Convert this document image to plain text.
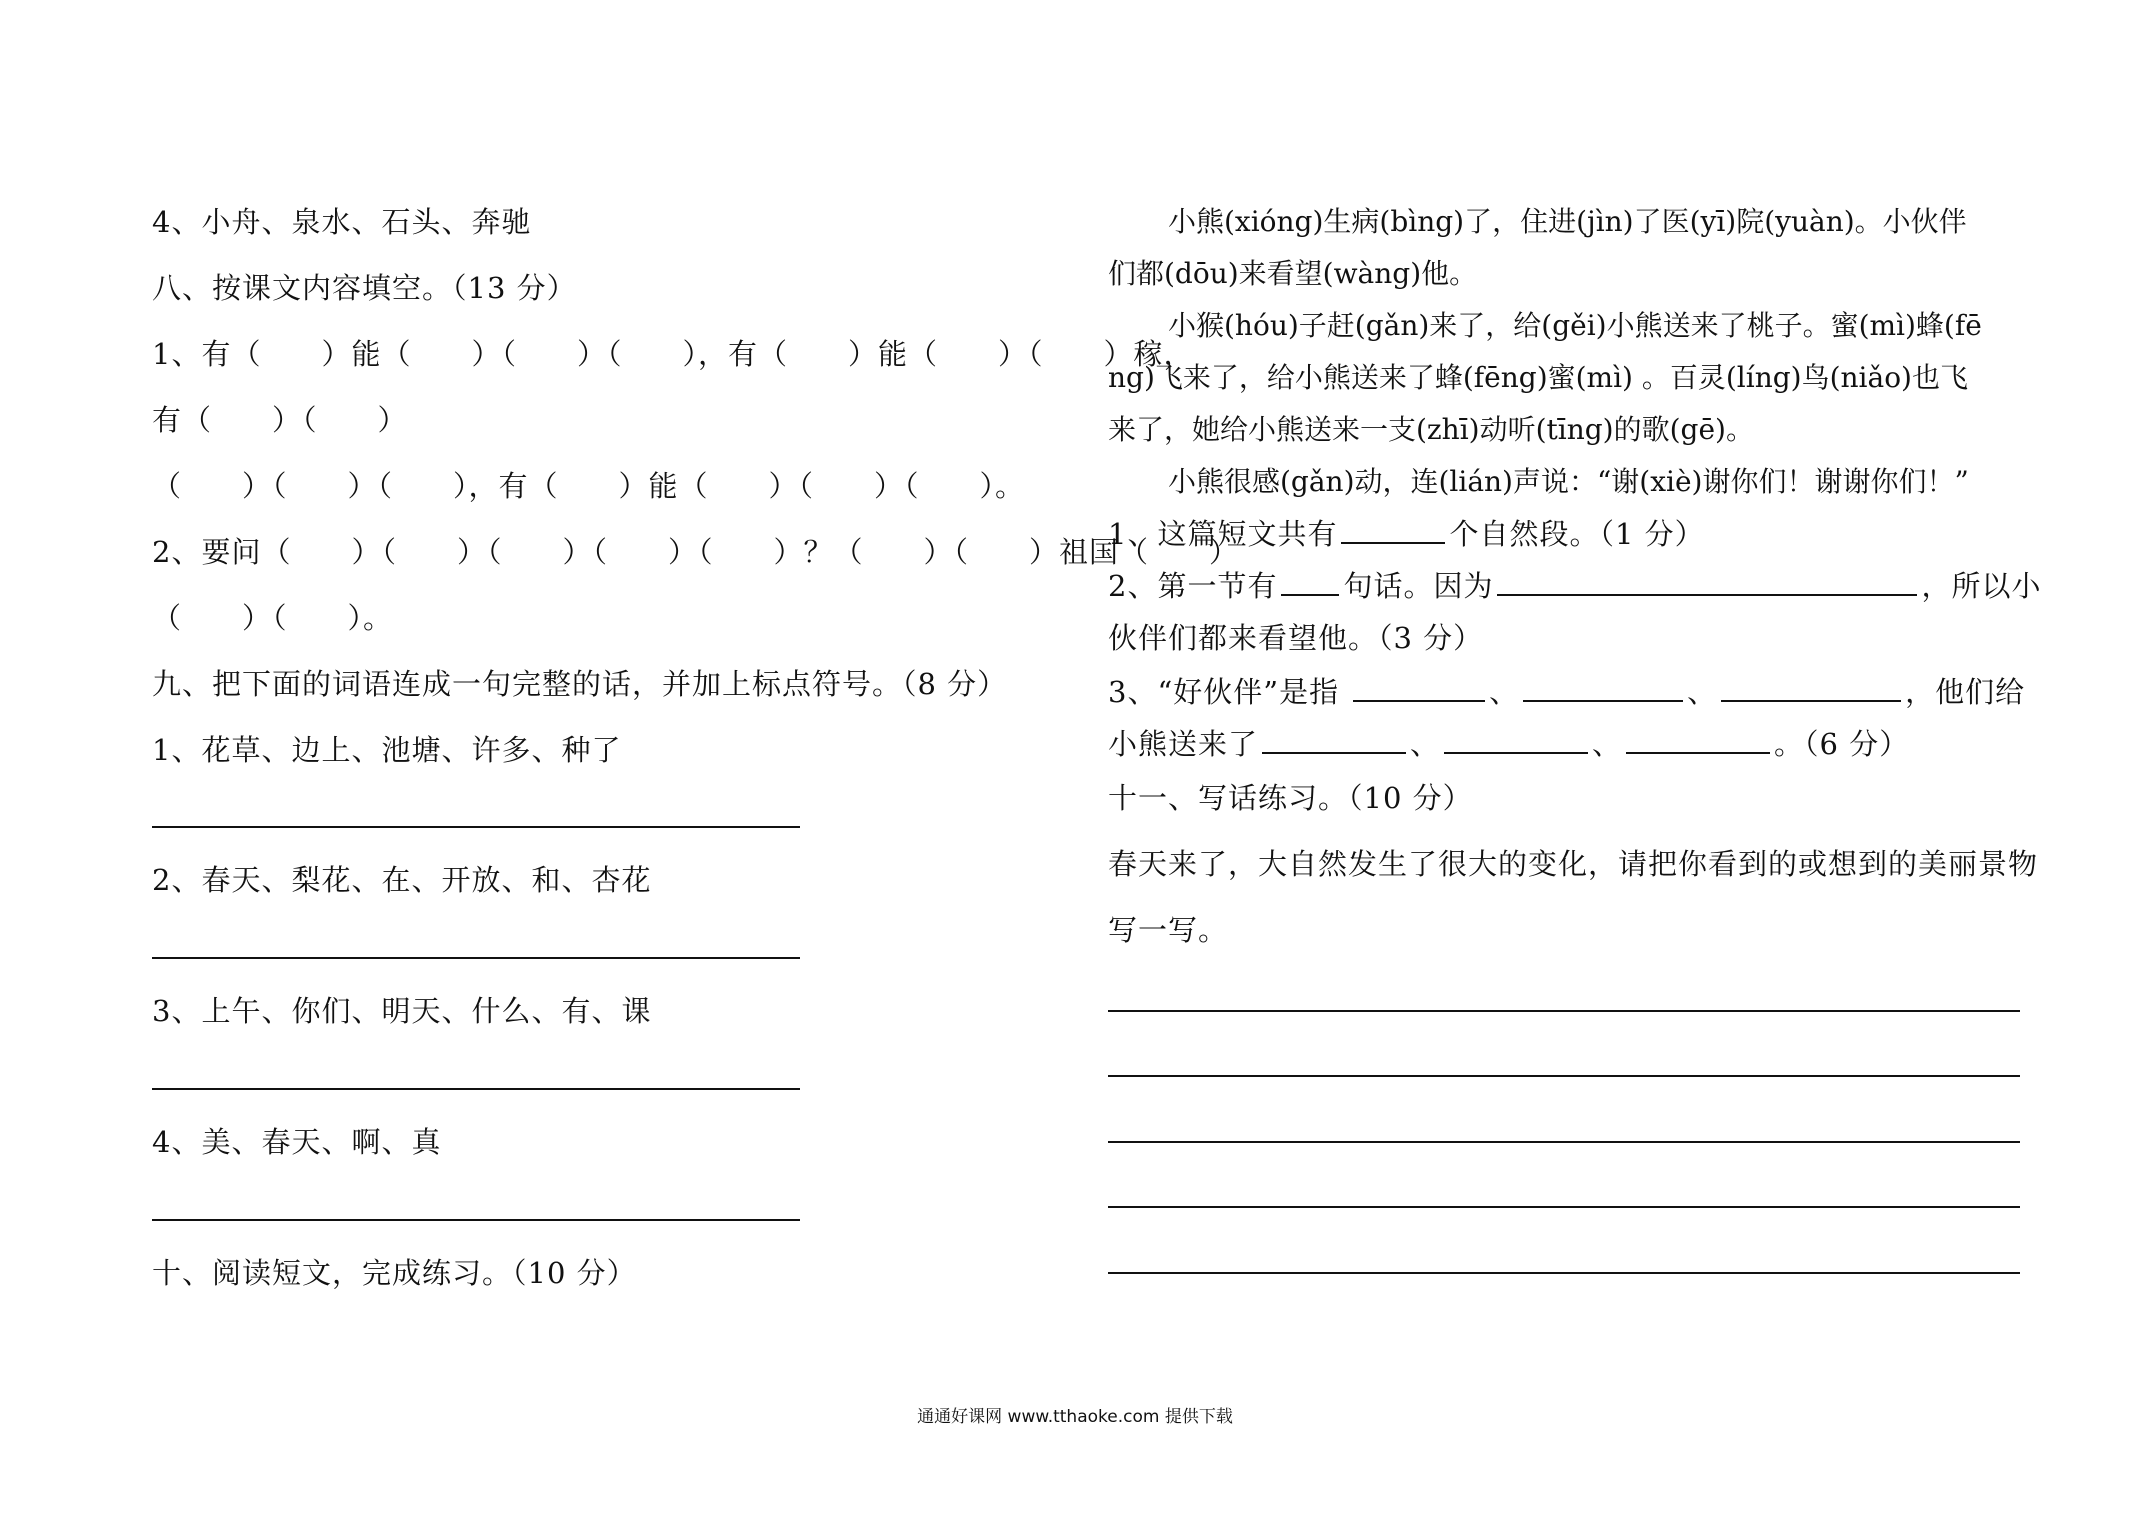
4、小舟、泉水、石头、奔驰
八、按课文内容填空。（13 分）
1、有（　　）能（　　）（　　）（　　），有（　　）能（　　）（　　）稼，
有（　　）（　　）
（　　）（　　）（　　），有（　　）能（　　）（　　）（　　）。
2、要问（　　）（　　）（　　）（　　）（　　）？（　　）（　　）祖国（　　）
（　　）（　　）。
九、把下面的词语连成一句完整的话，并加上标点符号。（8 分）
1、花草、边上、池塘、许多、种了
2、春天、梨花、在、开放、和、杏花
3、上午、你们、明天、什么、有、课
4、美、春天、啊、真
十、阅读短文，完成练习。（10 分）
小熊(xióng)生病(bìng)了，住进(jìn)了医(yī)院(yuàn)。小伙伴
们都(dōu)来看望(wàng)他。
小猴(hóu)子赶(gǎn)来了，给(gěi)小熊送来了桃子。蜜(mì)蜂(fē
ng)飞来了，给小熊送来了蜂(fēng)蜜(mì) 。百灵(líng)鸟(niǎo)也飞
来了，她给小熊送来一支(zhī)动听(tīng)的歌(gē)。
小熊很感(gǎn)动，连(lián)声说：“谢(xiè)谢你们！谢谢你们！”
1、这篇短文共有	个自然段。（1 分）
2、第一节有 句话。因为	，所以小
伙伴们都来看望他。（3 分）
3、“好伙伴”是指	、	、	，他们给
小熊送来了	、	、	。（6 分）
十一、写话练习。（10 分）
春天来了，大自然发生了很大的变化，请把你看到的或想到的美丽景物
写一写。
通通好课网 www.tthaoke.com 提供下载
